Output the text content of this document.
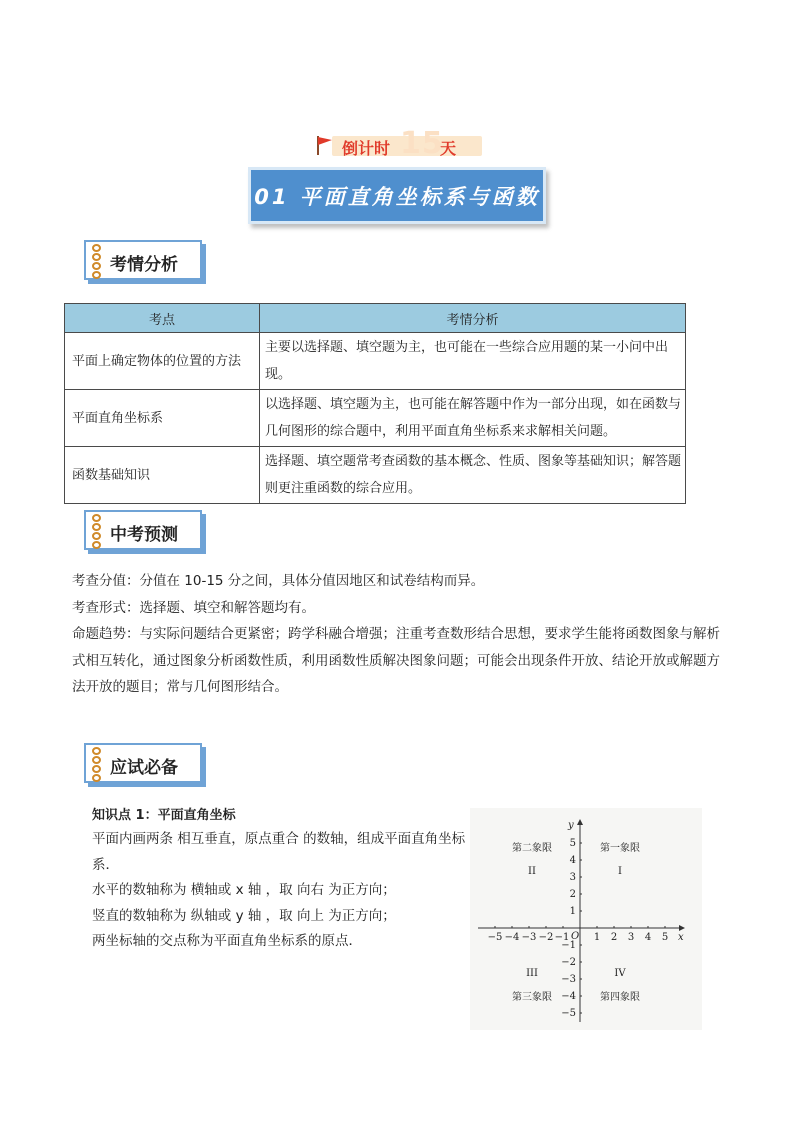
倒计时 15
天
01 平面直角坐标系与函数
考情分析
考点	考情分析
平面上确定物体的位置的方法	主要以选择题、填空题为主，也可能在一些综合应用题的某一小问中出现。
平面直角坐标系	以选择题、填空题为主，也可能在解答题中作为一部分出现，如在函数与几何图形的综合题中，利用平面直角坐标系来求解相关问题。
函数基础知识	选择题、填空题常考查函数的基本概念、性质、图象等基础知识；解答题则更注重函数的综合应用。
中考预测
考查分值：分值在 10-15 分之间，具体分值因地区和试卷结构而异。
考查形式：选择题、填空和解答题均有。
命题趋势：与实际问题结合更紧密；跨学科融合增强；注重考查数形结合思想，要求学生能将函数图象与解析式相互转化，通过图象分析函数性质，利用函数性质解决图象问题；可能会出现条件开放、结论开放或解题方法开放的题目；常与几何图形结合。
应试必备
知识点 1：平面直角坐标
平面内画两条 相互垂直，原点重合 的数轴，组成平面直角坐标系．
水平的数轴称为 横轴或 x 轴 ，取 向右 为正方向；
竖直的数轴称为 纵轴或 y 轴 ，取 向上 为正方向；
两坐标轴的交点称为平面直角坐标系的原点．	−5 −4 −3 −2 −1 1 2 3 4 5
5
4
3
2
1
−1
−2
−3
−4
−5
x
y
O
第一象限
I
第二象限
II
III
第三象限
IV
第四象限
